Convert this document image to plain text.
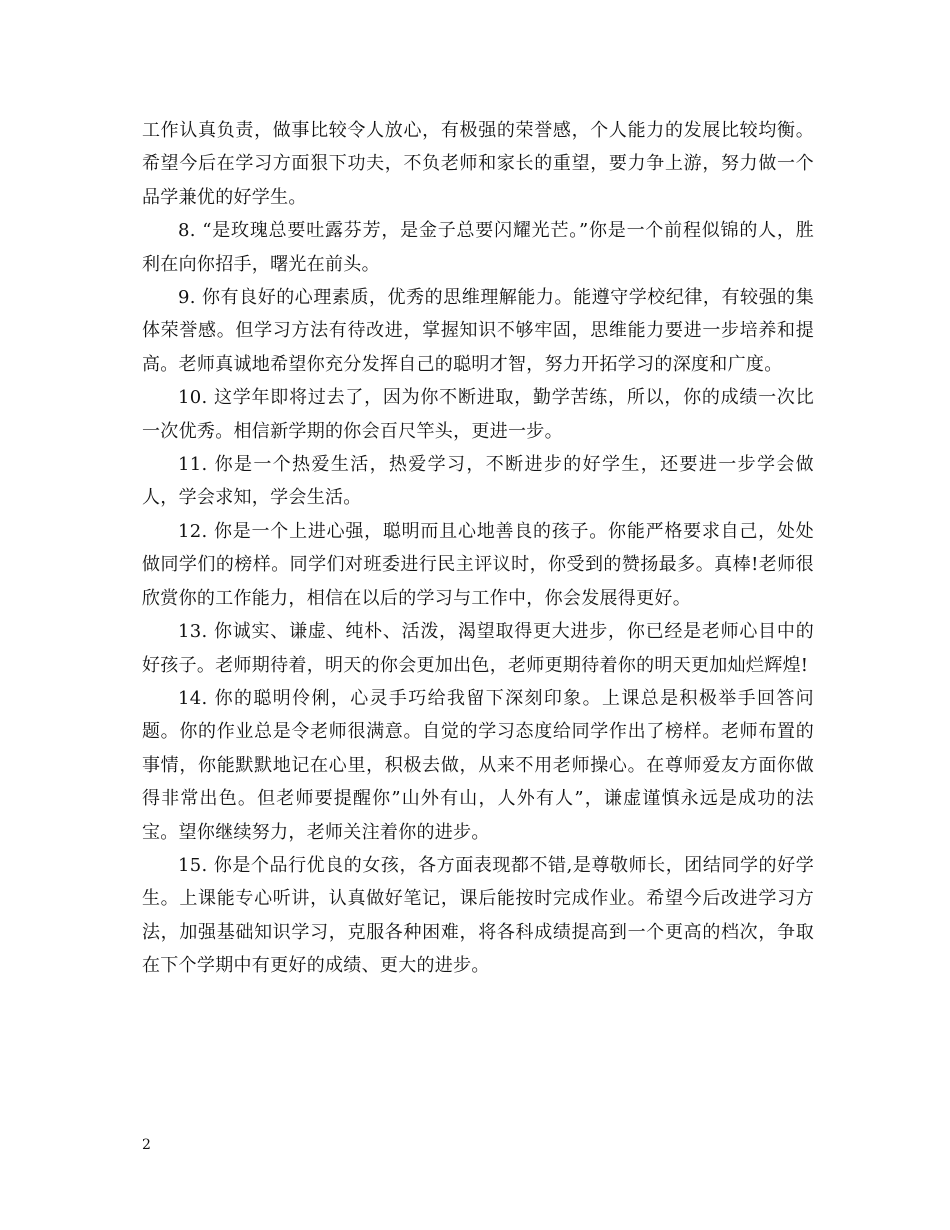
工作认真负责，做事比较令人放心，有极强的荣誉感，个人能力的发展比较均衡。希望今后在学习方面狠下功夫，不负老师和家长的重望，要力争上游，努力做一个品学兼优的好学生。

8. “是玫瑰总要吐露芬芳，是金子总要闪耀光芒。”你是一个前程似锦的人，胜利在向你招手，曙光在前头。

9. 你有良好的心理素质，优秀的思维理解能力。能遵守学校纪律，有较强的集体荣誉感。但学习方法有待改进，掌握知识不够牢固，思维能力要进一步培养和提高。老师真诚地希望你充分发挥自己的聪明才智，努力开拓学习的深度和广度。

10. 这学年即将过去了，因为你不断进取，勤学苦练，所以，你的成绩一次比一次优秀。相信新学期的你会百尺竿头，更进一步。

11. 你是一个热爱生活，热爱学习，不断进步的好学生，还要进一步学会做人，学会求知，学会生活。

12. 你是一个上进心强，聪明而且心地善良的孩子。你能严格要求自己，处处做同学们的榜样。同学们对班委进行民主评议时，你受到的赞扬最多。真棒!老师很欣赏你的工作能力，相信在以后的学习与工作中，你会发展得更好。

13. 你诚实、谦虚、纯朴、活泼，渴望取得更大进步，你已经是老师心目中的好孩子。老师期待着，明天的你会更加出色，老师更期待着你的明天更加灿烂辉煌!

14. 你的聪明伶俐，心灵手巧给我留下深刻印象。上课总是积极举手回答问题。你的作业总是令老师很满意。自觉的学习态度给同学作出了榜样。老师布置的事情，你能默默地记在心里，积极去做，从来不用老师操心。在尊师爱友方面你做得非常出色。但老师要提醒你”山外有山，人外有人”，谦虚谨慎永远是成功的法宝。望你继续努力，老师关注着你的进步。

15. 你是个品行优良的女孩，各方面表现都不错,是尊敬师长，团结同学的好学生。上课能专心听讲，认真做好笔记，课后能按时完成作业。希望今后改进学习方法，加强基础知识学习，克服各种困难，将各科成绩提高到一个更高的档次，争取在下个学期中有更好的成绩、更大的进步。

2
